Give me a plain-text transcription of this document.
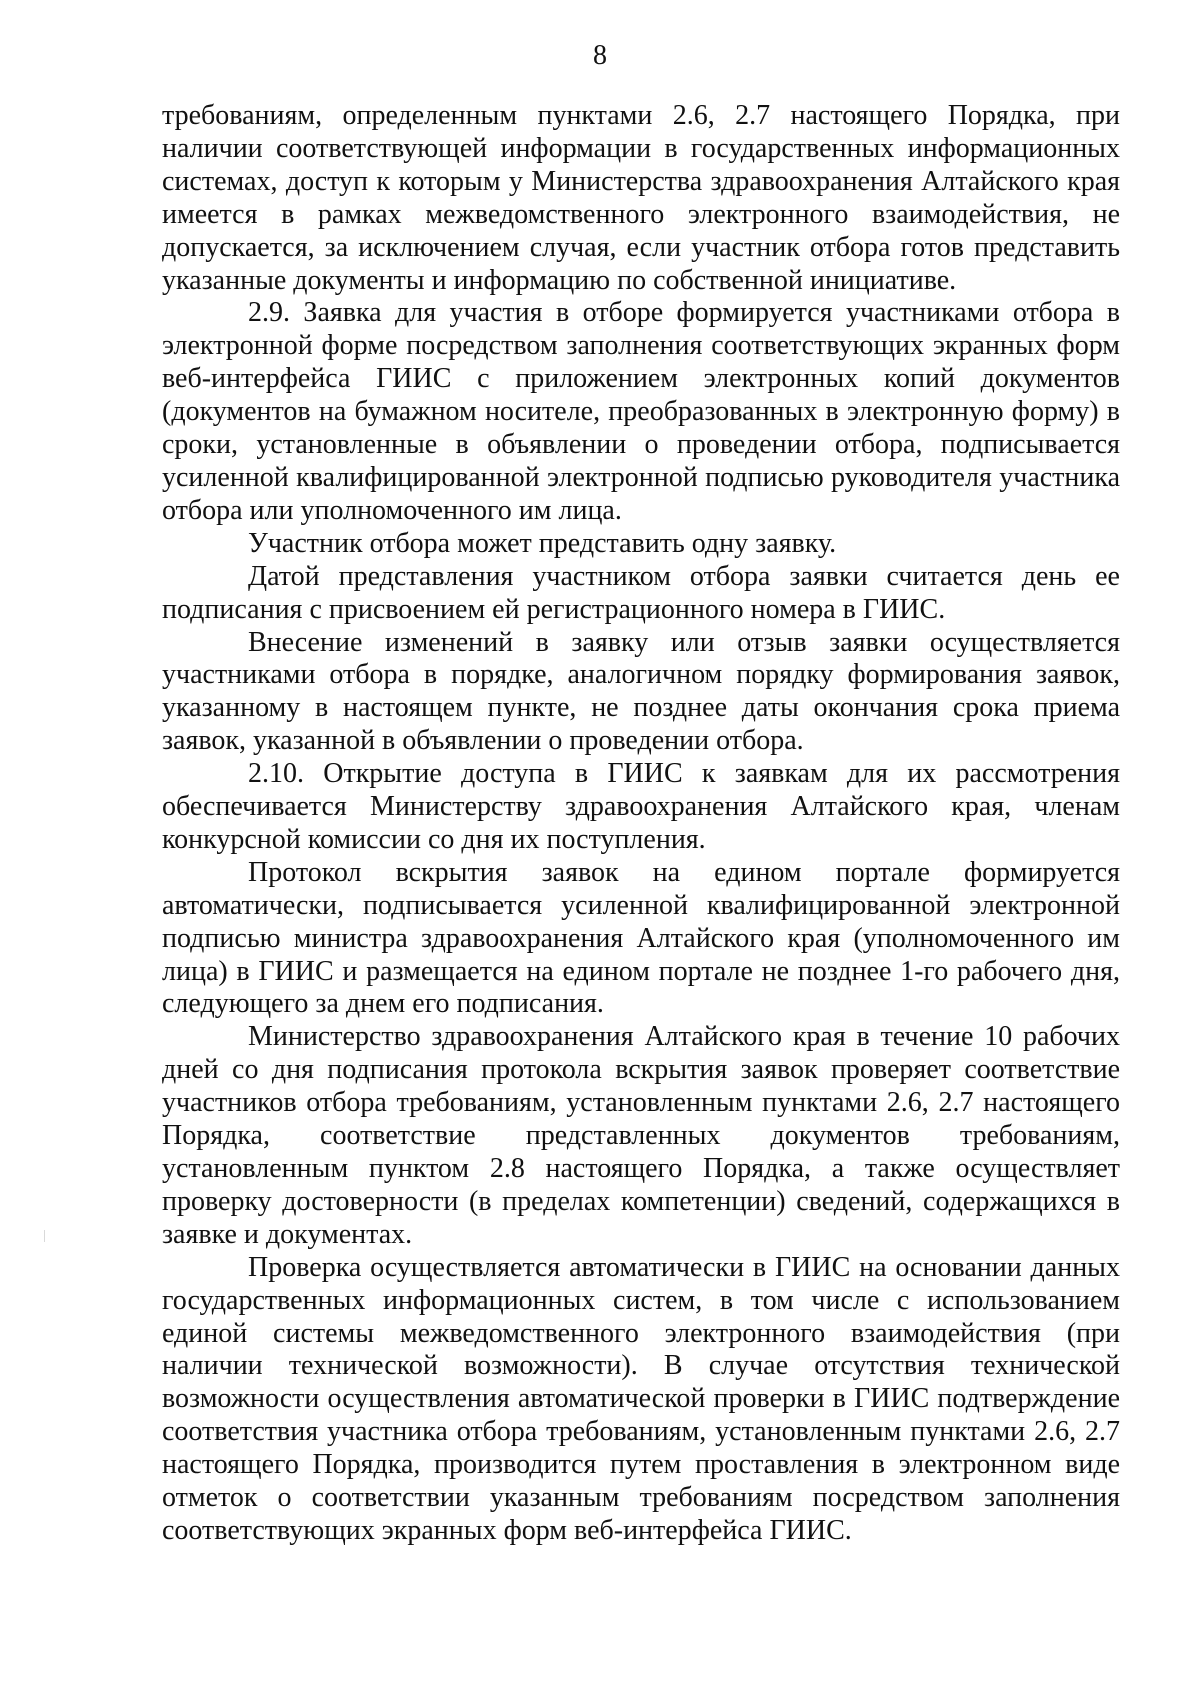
8

требованиям, определенным пунктами 2.6, 2.7 настоящего Порядка, при наличии соответствующей информации в государственных информационных системах, доступ к которым у Министерства здравоохранения Алтайского края имеется в рамках межведомственного электронного взаимодействия, не допускается, за исключением случая, если участник отбора готов представить указанные документы и информацию по собственной инициативе.

2.9. Заявка для участия в отборе формируется участниками отбора в электронной форме посредством заполнения соответствующих экранных форм веб-интерфейса ГИИС с приложением электронных копий документов (документов на бумажном носителе, преобразованных в электронную форму) в сроки, установленные в объявлении о проведении отбора, подписывается усиленной квалифицированной электронной подписью руководителя участника отбора или уполномоченного им лица.

Участник отбора может представить одну заявку.

Датой представления участником отбора заявки считается день ее подписания с присвоением ей регистрационного номера в ГИИС.

Внесение изменений в заявку или отзыв заявки осуществляется участниками отбора в порядке, аналогичном порядку формирования заявок, указанному в настоящем пункте, не позднее даты окончания срока приема заявок, указанной в объявлении о проведении отбора.

2.10. Открытие доступа в ГИИС к заявкам для их рассмотрения обеспечивается Министерству здравоохранения Алтайского края, членам конкурсной комиссии со дня их поступления.

Протокол вскрытия заявок на едином портале формируется автоматически, подписывается усиленной квалифицированной электронной подписью министра здравоохранения Алтайского края (уполномоченного им лица) в ГИИС и размещается на едином портале не позднее 1-го рабочего дня, следующего за днем его подписания.

Министерство здравоохранения Алтайского края в течение 10 рабочих дней со дня подписания протокола вскрытия заявок проверяет соответствие участников отбора требованиям, установленным пунктами 2.6, 2.7 настоящего Порядка, соответствие представленных документов требованиям, установленным пунктом 2.8 настоящего Порядка, а также осуществляет проверку достоверности (в пределах компетенции) сведений, содержащихся в заявке и документах.

Проверка осуществляется автоматически в ГИИС на основании данных государственных информационных систем, в том числе с использованием единой системы межведомственного электронного взаимодействия (при наличии технической возможности). В случае отсутствия технической возможности осуществления автоматической проверки в ГИИС подтверждение соответствия участника отбора требованиям, установленным пунктами 2.6, 2.7 настоящего Порядка, производится путем проставления в электронном виде отметок о соответствии указанным требованиям посредством заполнения соответствующих экранных форм веб-интерфейса ГИИС.
